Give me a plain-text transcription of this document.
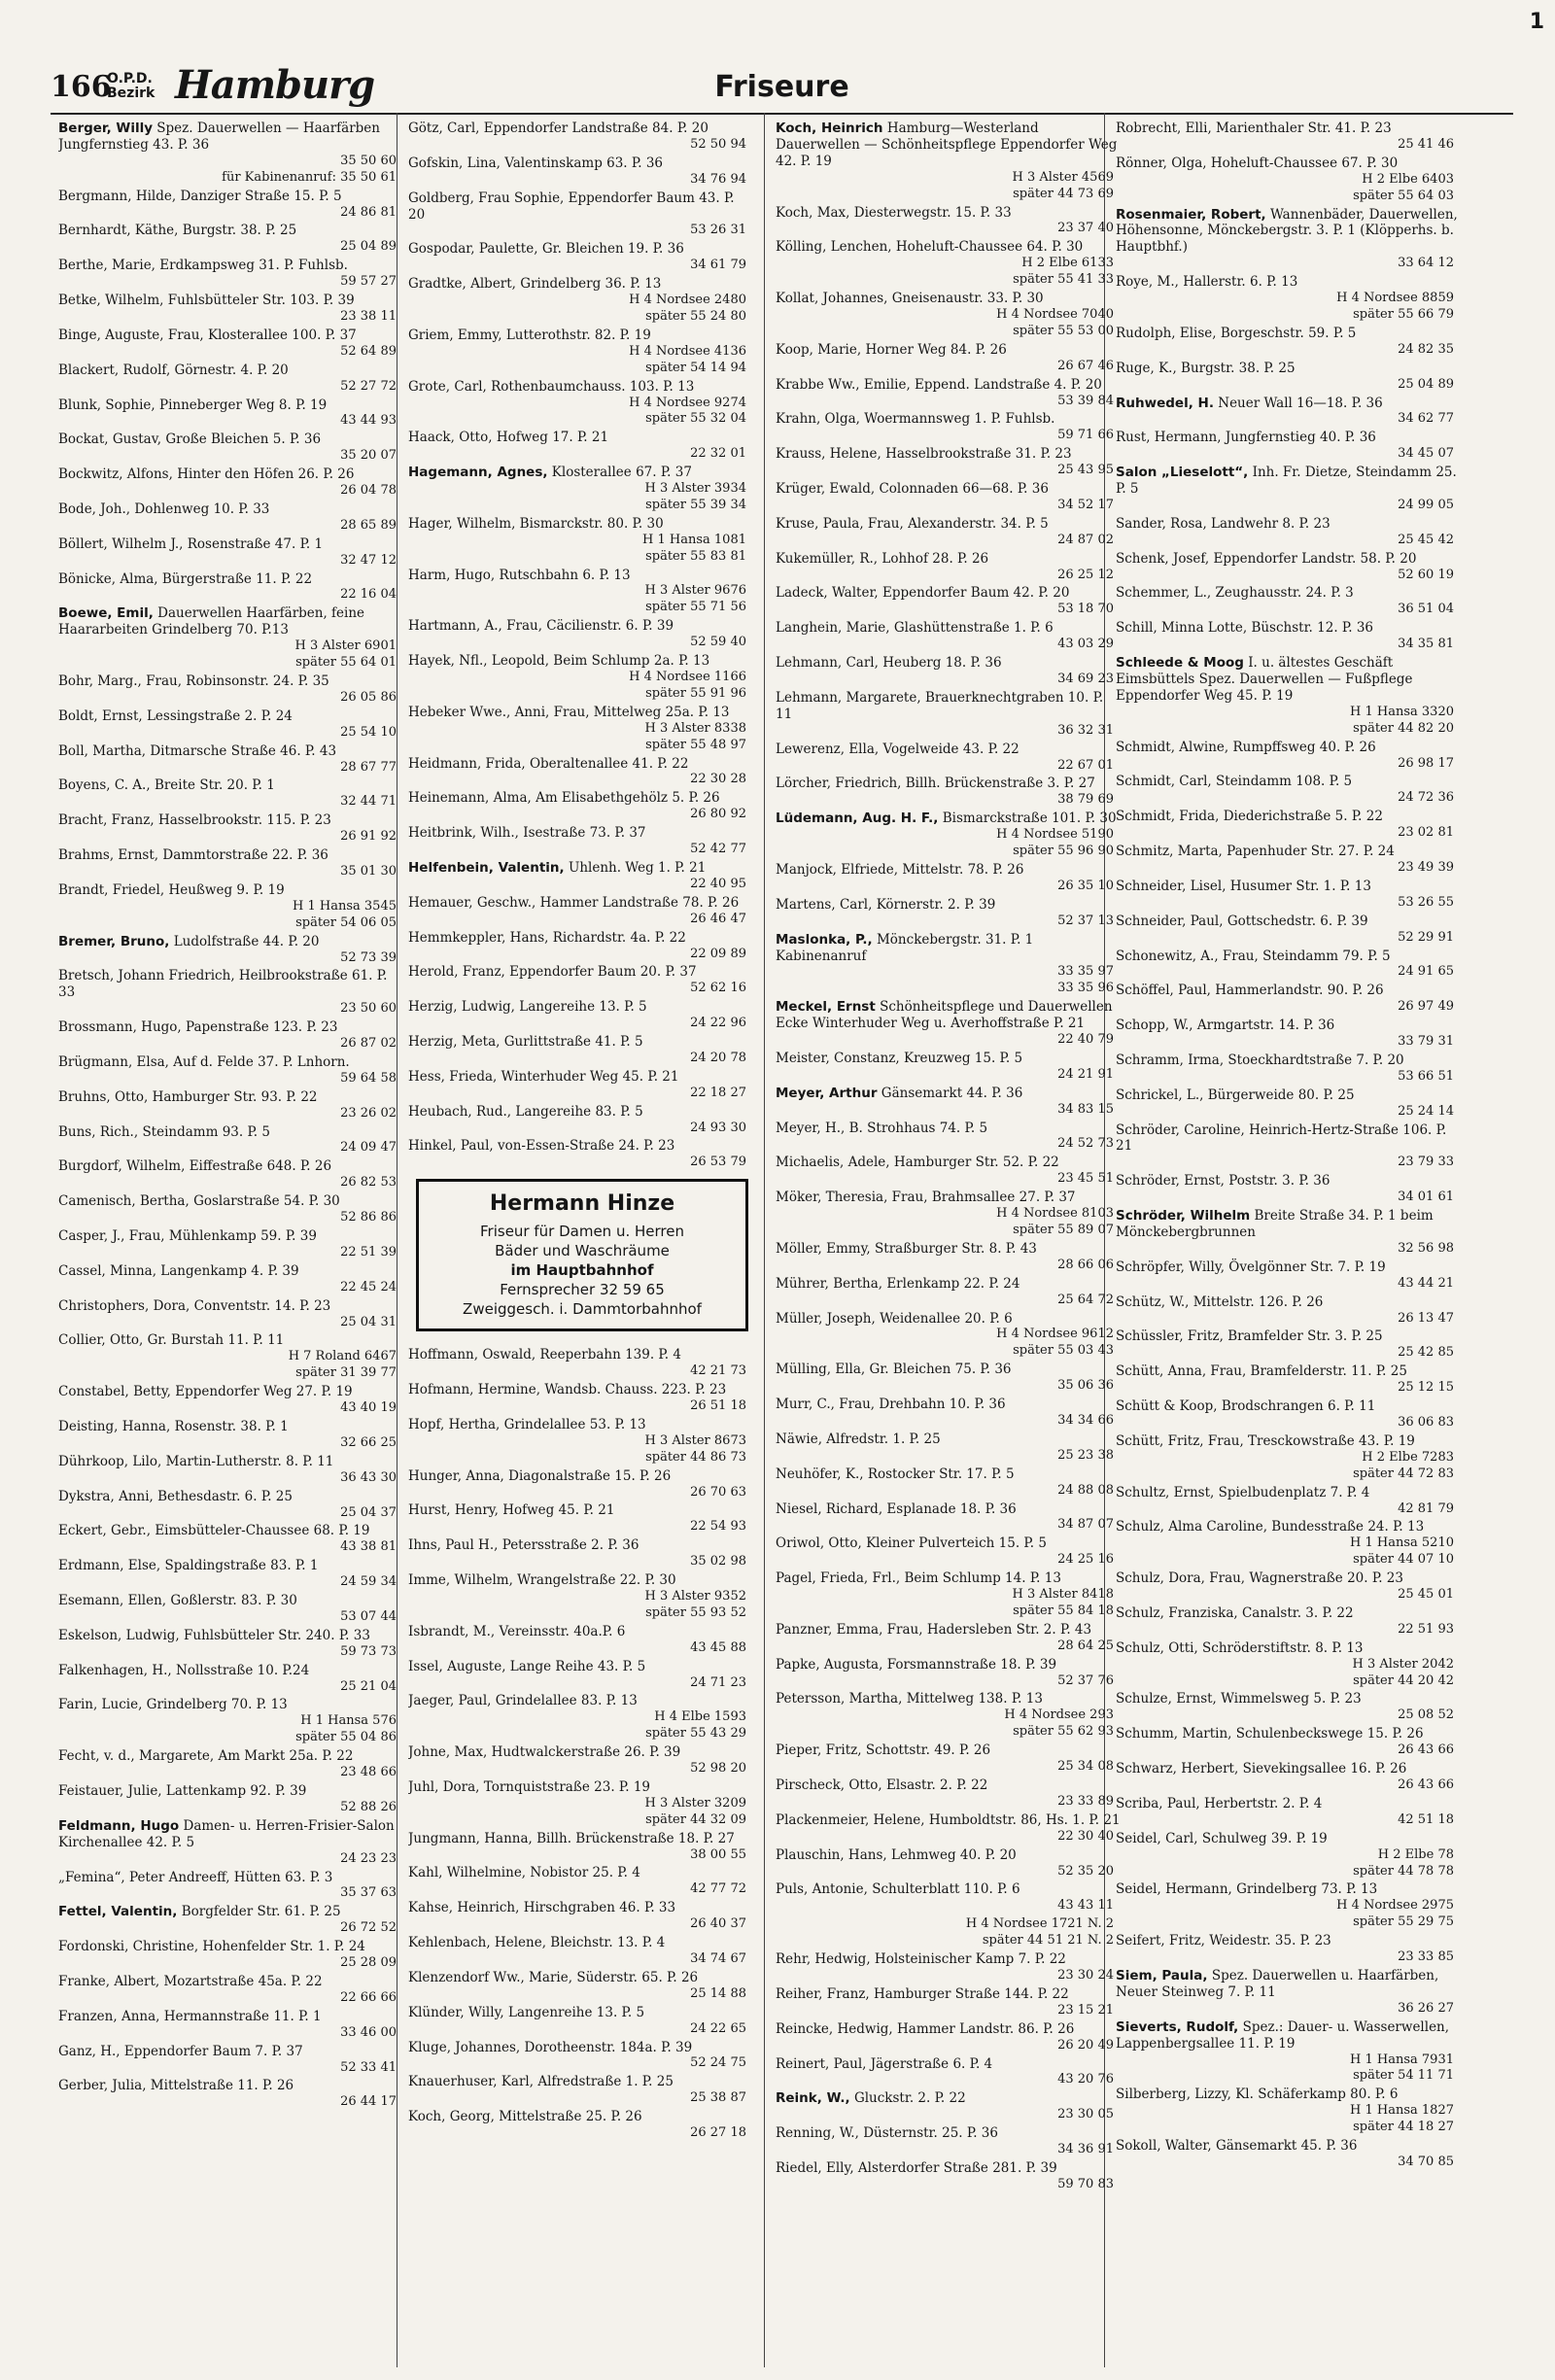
166
O.P.D.
Bezirk Hamburg	Friseure
1
Berger, Willy Spez. Dauerwellen — Haarfärben Jungfernstieg 43. P. 36
35 50 60
für Kabinenanruf: 35 50 61
Bergmann, Hilde, Danziger Straße 15. P. 5
24 86 81
Bernhardt, Käthe, Burgstr. 38. P. 25
25 04 89
Berthe, Marie, Erdkampsweg 31. P. Fuhlsb.
59 57 27
Betke, Wilhelm, Fuhlsbütteler Str. 103. P. 39
23 38 11
Binge, Auguste, Frau, Klosterallee 100. P. 37
52 64 89
Blackert, Rudolf, Görnestr. 4. P. 20
52 27 72
Blunk, Sophie, Pinneberger Weg 8. P. 19
43 44 93
Bockat, Gustav, Große Bleichen 5. P. 36
35 20 07
Bockwitz, Alfons, Hinter den Höfen 26. P. 26
26 04 78
Bode, Joh., Dohlenweg 10. P. 33
28 65 89
Böllert, Wilhelm J., Rosenstraße 47. P. 1
32 47 12
Bönicke, Alma, Bürgerstraße 11. P. 22
22 16 04
Boewe, Emil, Dauerwellen Haarfärben, feine Haararbeiten Grindelberg 70. P.13
H 3 Alster 6901
später 55 64 01
Bohr, Marg., Frau, Robinsonstr. 24. P. 35
26 05 86
Boldt, Ernst, Lessingstraße 2. P. 24
25 54 10
Boll, Martha, Ditmarsche Straße 46. P. 43
28 67 77
Boyens, C. A., Breite Str. 20. P. 1
32 44 71
Bracht, Franz, Hasselbrookstr. 115. P. 23
26 91 92
Brahms, Ernst, Dammtorstraße 22. P. 36
35 01 30
Brandt, Friedel, Heußweg 9. P. 19
H 1 Hansa 3545
später 54 06 05
Bremer, Bruno, Ludolfstraße 44. P. 20
52 73 39
Bretsch, Johann Friedrich, Heilbrookstraße 61. P. 33
23 50 60
Brossmann, Hugo, Papenstraße 123. P. 23
26 87 02
Brügmann, Elsa, Auf d. Felde 37. P. Lnhorn.
59 64 58
Bruhns, Otto, Hamburger Str. 93. P. 22
23 26 02
Buns, Rich., Steindamm 93. P. 5
24 09 47
Burgdorf, Wilhelm, Eiffestraße 648. P. 26
26 82 53
Camenisch, Bertha, Goslarstraße 54. P. 30
52 86 86
Casper, J., Frau, Mühlenkamp 59. P. 39
22 51 39
Cassel, Minna, Langenkamp 4. P. 39
22 45 24
Christophers, Dora, Conventstr. 14. P. 23
25 04 31
Collier, Otto, Gr. Burstah 11. P. 11
H 7 Roland 6467
später 31 39 77
Constabel, Betty, Eppendorfer Weg 27. P. 19
43 40 19
Deisting, Hanna, Rosenstr. 38. P. 1
32 66 25
Dührkoop, Lilo, Martin-Lutherstr. 8. P. 11
36 43 30
Dykstra, Anni, Bethesdastr. 6. P. 25
25 04 37
Eckert, Gebr., Eimsbütteler-Chaussee 68. P. 19
43 38 81
Erdmann, Else, Spaldingstraße 83. P. 1
24 59 34
Esemann, Ellen, Goßlerstr. 83. P. 30
53 07 44
Eskelson, Ludwig, Fuhlsbütteler Str. 240. P. 33
59 73 73
Falkenhagen, H., Nollsstraße 10. P.24
25 21 04
Farin, Lucie, Grindelberg 70. P. 13
H 1 Hansa 576
später 55 04 86
Fecht, v. d., Margarete, Am Markt 25a. P. 22
23 48 66
Feistauer, Julie, Lattenkamp 92. P. 39
52 88 26
Feldmann, Hugo Damen- u. Herren-Frisier-Salon Kirchenallee 42. P. 5
24 23 23
„Femina“, Peter Andreeff, Hütten 63. P. 3
35 37 63
Fettel, Valentin, Borgfelder Str. 61. P. 25
26 72 52
Fordonski, Christine, Hohenfelder Str. 1. P. 24
25 28 09
Franke, Albert, Mozartstraße 45a. P. 22
22 66 66
Franzen, Anna, Hermannstraße 11. P. 1
33 46 00
Ganz, H., Eppendorfer Baum 7. P. 37
52 33 41
Gerber, Julia, Mittelstraße 11. P. 26
26 44 17
Götz, Carl, Eppendorfer Landstraße 84. P. 20
52 50 94
Gofskin, Lina, Valentinskamp 63. P. 36
34 76 94
Goldberg, Frau Sophie, Eppendorfer Baum 43. P. 20
53 26 31
Gospodar, Paulette, Gr. Bleichen 19. P. 36
34 61 79
Gradtke, Albert, Grindelberg 36. P. 13
H 4 Nordsee 2480
später 55 24 80
Griem, Emmy, Lutterothstr. 82. P. 19
H 4 Nordsee 4136
später 54 14 94
Grote, Carl, Rothenbaumchauss. 103. P. 13
H 4 Nordsee 9274
später 55 32 04
Haack, Otto, Hofweg 17. P. 21
22 32 01
Hagemann, Agnes, Klosterallee 67. P. 37
H 3 Alster 3934
später 55 39 34
Hager, Wilhelm, Bismarckstr. 80. P. 30
H 1 Hansa 1081
später 55 83 81
Harm, Hugo, Rutschbahn 6. P. 13
H 3 Alster 9676
später 55 71 56
Hartmann, A., Frau, Cäcilienstr. 6. P. 39
52 59 40
Hayek, Nfl., Leopold, Beim Schlump 2a. P. 13
H 4 Nordsee 1166
später 55 91 96
Hebeker Wwe., Anni, Frau, Mittelweg 25a. P. 13
H 3 Alster 8338
später 55 48 97
Heidmann, Frida, Oberaltenallee 41. P. 22
22 30 28
Heinemann, Alma, Am Elisabethgehölz 5. P. 26
26 80 92
Heitbrink, Wilh., Isestraße 73. P. 37
52 42 77
Helfenbein, Valentin, Uhlenh. Weg 1. P. 21
22 40 95
Hemauer, Geschw., Hammer Landstraße 78. P. 26
26 46 47
Hemmkeppler, Hans, Richardstr. 4a. P. 22
22 09 89
Herold, Franz, Eppendorfer Baum 20. P. 37
52 62 16
Herzig, Ludwig, Langereihe 13. P. 5
24 22 96
Herzig, Meta, Gurlittstraße 41. P. 5
24 20 78
Hess, Frieda, Winterhuder Weg 45. P. 21
22 18 27
Heubach, Rud., Langereihe 83. P. 5
24 93 30
Hinkel, Paul, von-Essen-Straße 24. P. 23
26 53 79
Hermann Hinze
Friseur für Damen u. Herren
Bäder und Waschräume
im Hauptbahnhof
Fernsprecher 32 59 65
Zweiggesch. i. Dammtorbahnhof
Hoffmann, Oswald, Reeperbahn 139. P. 4
42 21 73
Hofmann, Hermine, Wandsb. Chauss. 223. P. 23
26 51 18
Hopf, Hertha, Grindelallee 53. P. 13
H 3 Alster 8673
später 44 86 73
Hunger, Anna, Diagonalstraße 15. P. 26
26 70 63
Hurst, Henry, Hofweg 45. P. 21
22 54 93
Ihns, Paul H., Petersstraße 2. P. 36
35 02 98
Imme, Wilhelm, Wrangelstraße 22. P. 30
H 3 Alster 9352
später 55 93 52
Isbrandt, M., Vereinsstr. 40a.P. 6
43 45 88
Issel, Auguste, Lange Reihe 43. P. 5
24 71 23
Jaeger, Paul, Grindelallee 83. P. 13
H 4 Elbe 1593
später 55 43 29
Johne, Max, Hudtwalckerstraße 26. P. 39
52 98 20
Juhl, Dora, Tornquiststraße 23. P. 19
H 3 Alster 3209
später 44 32 09
Jungmann, Hanna, Billh. Brückenstraße 18. P. 27
38 00 55
Kahl, Wilhelmine, Nobistor 25. P. 4
42 77 72
Kahse, Heinrich, Hirschgraben 46. P. 33
26 40 37
Kehlenbach, Helene, Bleichstr. 13. P. 4
34 74 67
Klenzendorf Ww., Marie, Süderstr. 65. P. 26
25 14 88
Klünder, Willy, Langenreihe 13. P. 5
24 22 65
Kluge, Johannes, Dorotheenstr. 184a. P. 39
52 24 75
Knauerhuser, Karl, Alfredstraße 1. P. 25
25 38 87
Koch, Georg, Mittelstraße 25. P. 26
26 27 18
Koch, Heinrich Hamburg—Westerland Dauerwellen — Schönheitspflege Eppendorfer Weg 42. P. 19
H 3 Alster 4569
später 44 73 69
Koch, Max, Diesterwegstr. 15. P. 33
23 37 40
Kölling, Lenchen, Hoheluft-Chaussee 64. P. 30
H 2 Elbe 6133
später 55 41 33
Kollat, Johannes, Gneisenaustr. 33. P. 30
H 4 Nordsee 7040
später 55 53 00
Koop, Marie, Horner Weg 84. P. 26
26 67 46
Krabbe Ww., Emilie, Eppend. Landstraße 4. P. 20
53 39 84
Krahn, Olga, Woermannsweg 1. P. Fuhlsb.
59 71 66
Krauss, Helene, Hasselbrookstraße 31. P. 23
25 43 95
Krüger, Ewald, Colonnaden 66—68. P. 36
34 52 17
Kruse, Paula, Frau, Alexanderstr. 34. P. 5
24 87 02
Kukemüller, R., Lohhof 28. P. 26
26 25 12
Ladeck, Walter, Eppendorfer Baum 42. P. 20
53 18 70
Langhein, Marie, Glashüttenstraße 1. P. 6
43 03 29
Lehmann, Carl, Heuberg 18. P. 36
34 69 23
Lehmann, Margarete, Brauerknechtgraben 10. P. 11
36 32 31
Lewerenz, Ella, Vogelweide 43. P. 22
22 67 01
Lörcher, Friedrich, Billh. Brückenstraße 3. P. 27
38 79 69
Lüdemann, Aug. H. F., Bismarckstraße 101. P. 30
H 4 Nordsee 5190
später 55 96 90
Manjock, Elfriede, Mittelstr. 78. P. 26
26 35 10
Martens, Carl, Körnerstr. 2. P. 39
52 37 13
Maslonka, P., Mönckebergstr. 31. P. 1 Kabinenanruf
33 35 97
33 35 96
Meckel, Ernst Schönheitspflege und Dauerwellen Ecke Winterhuder Weg u. Averhoffstraße P. 21
22 40 79
Meister, Constanz, Kreuzweg 15. P. 5
24 21 91
Meyer, Arthur Gänsemarkt 44. P. 36
34 83 15
Meyer, H., B. Strohhaus 74. P. 5
24 52 73
Michaelis, Adele, Hamburger Str. 52. P. 22
23 45 51
Möker, Theresia, Frau, Brahmsallee 27. P. 37
H 4 Nordsee 8103
später 55 89 07
Möller, Emmy, Straßburger Str. 8. P. 43
28 66 06
Mührer, Bertha, Erlenkamp 22. P. 24
25 64 72
Müller, Joseph, Weidenallee 20. P. 6
H 4 Nordsee 9612
später 55 03 43
Mülling, Ella, Gr. Bleichen 75. P. 36
35 06 36
Murr, C., Frau, Drehbahn 10. P. 36
34 34 66
Näwie, Alfredstr. 1. P. 25
25 23 38
Neuhöfer, K., Rostocker Str. 17. P. 5
24 88 08
Niesel, Richard, Esplanade 18. P. 36
34 87 07
Oriwol, Otto, Kleiner Pulverteich 15. P. 5
24 25 16
Pagel, Frieda, Frl., Beim Schlump 14. P. 13
H 3 Alster 8418
später 55 84 18
Panzner, Emma, Frau, Hadersleben Str. 2. P. 43
28 64 25
Papke, Augusta, Forsmannstraße 18. P. 39
52 37 76
Petersson, Martha, Mittelweg 138. P. 13
H 4 Nordsee 293
später 55 62 93
Pieper, Fritz, Schottstr. 49. P. 26
25 34 08
Pirscheck, Otto, Elsastr. 2. P. 22
23 33 89
Plackenmeier, Helene, Humboldtstr. 86, Hs. 1. P. 21
22 30 40
Plauschin, Hans, Lehmweg 40. P. 20
52 35 20
Puls, Antonie, Schulterblatt 110. P. 6
43 43 11
H 4 Nordsee 1721 N. 2
später 44 51 21 N. 2
Rehr, Hedwig, Holsteinischer Kamp 7. P. 22
23 30 24
Reiher, Franz, Hamburger Straße 144. P. 22
23 15 21
Reincke, Hedwig, Hammer Landstr. 86. P. 26
26 20 49
Reinert, Paul, Jägerstraße 6. P. 4
43 20 76
Reink, W., Gluckstr. 2. P. 22
23 30 05
Renning, W., Düsternstr. 25. P. 36
34 36 91
Riedel, Elly, Alsterdorfer Straße 281. P. 39
59 70 83
Robrecht, Elli, Marienthaler Str. 41. P. 23
25 41 46
Rönner, Olga, Hoheluft-Chaussee 67. P. 30
H 2 Elbe 6403
später 55 64 03
Rosenmaier, Robert, Wannenbäder, Dauerwellen, Höhensonne, Mönckebergstr. 3. P. 1 (Klöpperhs. b. Hauptbhf.)
33 64 12
Roye, M., Hallerstr. 6. P. 13
H 4 Nordsee 8859
später 55 66 79
Rudolph, Elise, Borgeschstr. 59. P. 5
24 82 35
Ruge, K., Burgstr. 38. P. 25
25 04 89
Ruhwedel, H. Neuer Wall 16—18. P. 36
34 62 77
Rust, Hermann, Jungfernstieg 40. P. 36
34 45 07
Salon „Lieselott“, Inh. Fr. Dietze, Steindamm 25. P. 5
24 99 05
Sander, Rosa, Landwehr 8. P. 23
25 45 42
Schenk, Josef, Eppendorfer Landstr. 58. P. 20
52 60 19
Schemmer, L., Zeughausstr. 24. P. 3
36 51 04
Schill, Minna Lotte, Büschstr. 12. P. 36
34 35 81
Schleede & Moog I. u. ältestes Geschäft Eimsbüttels Spez. Dauerwellen — Fußpflege Eppendorfer Weg 45. P. 19
H 1 Hansa 3320
später 44 82 20
Schmidt, Alwine, Rumpffsweg 40. P. 26
26 98 17
Schmidt, Carl, Steindamm 108. P. 5
24 72 36
Schmidt, Frida, Diederichstraße 5. P. 22
23 02 81
Schmitz, Marta, Papenhuder Str. 27. P. 24
23 49 39
Schneider, Lisel, Husumer Str. 1. P. 13
53 26 55
Schneider, Paul, Gottschedstr. 6. P. 39
52 29 91
Schonewitz, A., Frau, Steindamm 79. P. 5
24 91 65
Schöffel, Paul, Hammerlandstr. 90. P. 26
26 97 49
Schopp, W., Armgartstr. 14. P. 36
33 79 31
Schramm, Irma, Stoeckhardtstraße 7. P. 20
53 66 51
Schrickel, L., Bürgerweide 80. P. 25
25 24 14
Schröder, Caroline, Heinrich-Hertz-Straße 106. P. 21
23 79 33
Schröder, Ernst, Poststr. 3. P. 36
34 01 61
Schröder, Wilhelm Breite Straße 34. P. 1 beim Mönckebergbrunnen
32 56 98
Schröpfer, Willy, Övelgönner Str. 7. P. 19
43 44 21
Schütz, W., Mittelstr. 126. P. 26
26 13 47
Schüssler, Fritz, Bramfelder Str. 3. P. 25
25 42 85
Schütt, Anna, Frau, Bramfelderstr. 11. P. 25
25 12 15
Schütt & Koop, Brodschrangen 6. P. 11
36 06 83
Schütt, Fritz, Frau, Tresckowstraße 43. P. 19
H 2 Elbe 7283
später 44 72 83
Schultz, Ernst, Spielbudenplatz 7. P. 4
42 81 79
Schulz, Alma Caroline, Bundesstraße 24. P. 13
H 1 Hansa 5210
später 44 07 10
Schulz, Dora, Frau, Wagnerstraße 20. P. 23
25 45 01
Schulz, Franziska, Canalstr. 3. P. 22
22 51 93
Schulz, Otti, Schröderstiftstr. 8. P. 13
H 3 Alster 2042
später 44 20 42
Schulze, Ernst, Wimmelsweg 5. P. 23
25 08 52
Schumm, Martin, Schulenbeckswege 15. P. 26
26 43 66
Schwarz, Herbert, Sievekingsallee 16. P. 26
26 43 66
Scriba, Paul, Herbertstr. 2. P. 4
42 51 18
Seidel, Carl, Schulweg 39. P. 19
H 2 Elbe 78
später 44 78 78
Seidel, Hermann, Grindelberg 73. P. 13
H 4 Nordsee 2975
später 55 29 75
Seifert, Fritz, Weidestr. 35. P. 23
23 33 85
Siem, Paula, Spez. Dauerwellen u. Haarfärben, Neuer Steinweg 7. P. 11
36 26 27
Sieverts, Rudolf, Spez.: Dauer- u. Wasserwellen, Lappenbergsallee 11. P. 19
H 1 Hansa 7931
später 54 11 71
Silberberg, Lizzy, Kl. Schäferkamp 80. P. 6
H 1 Hansa 1827
später 44 18 27
Sokoll, Walter, Gänsemarkt 45. P. 36
34 70 85
